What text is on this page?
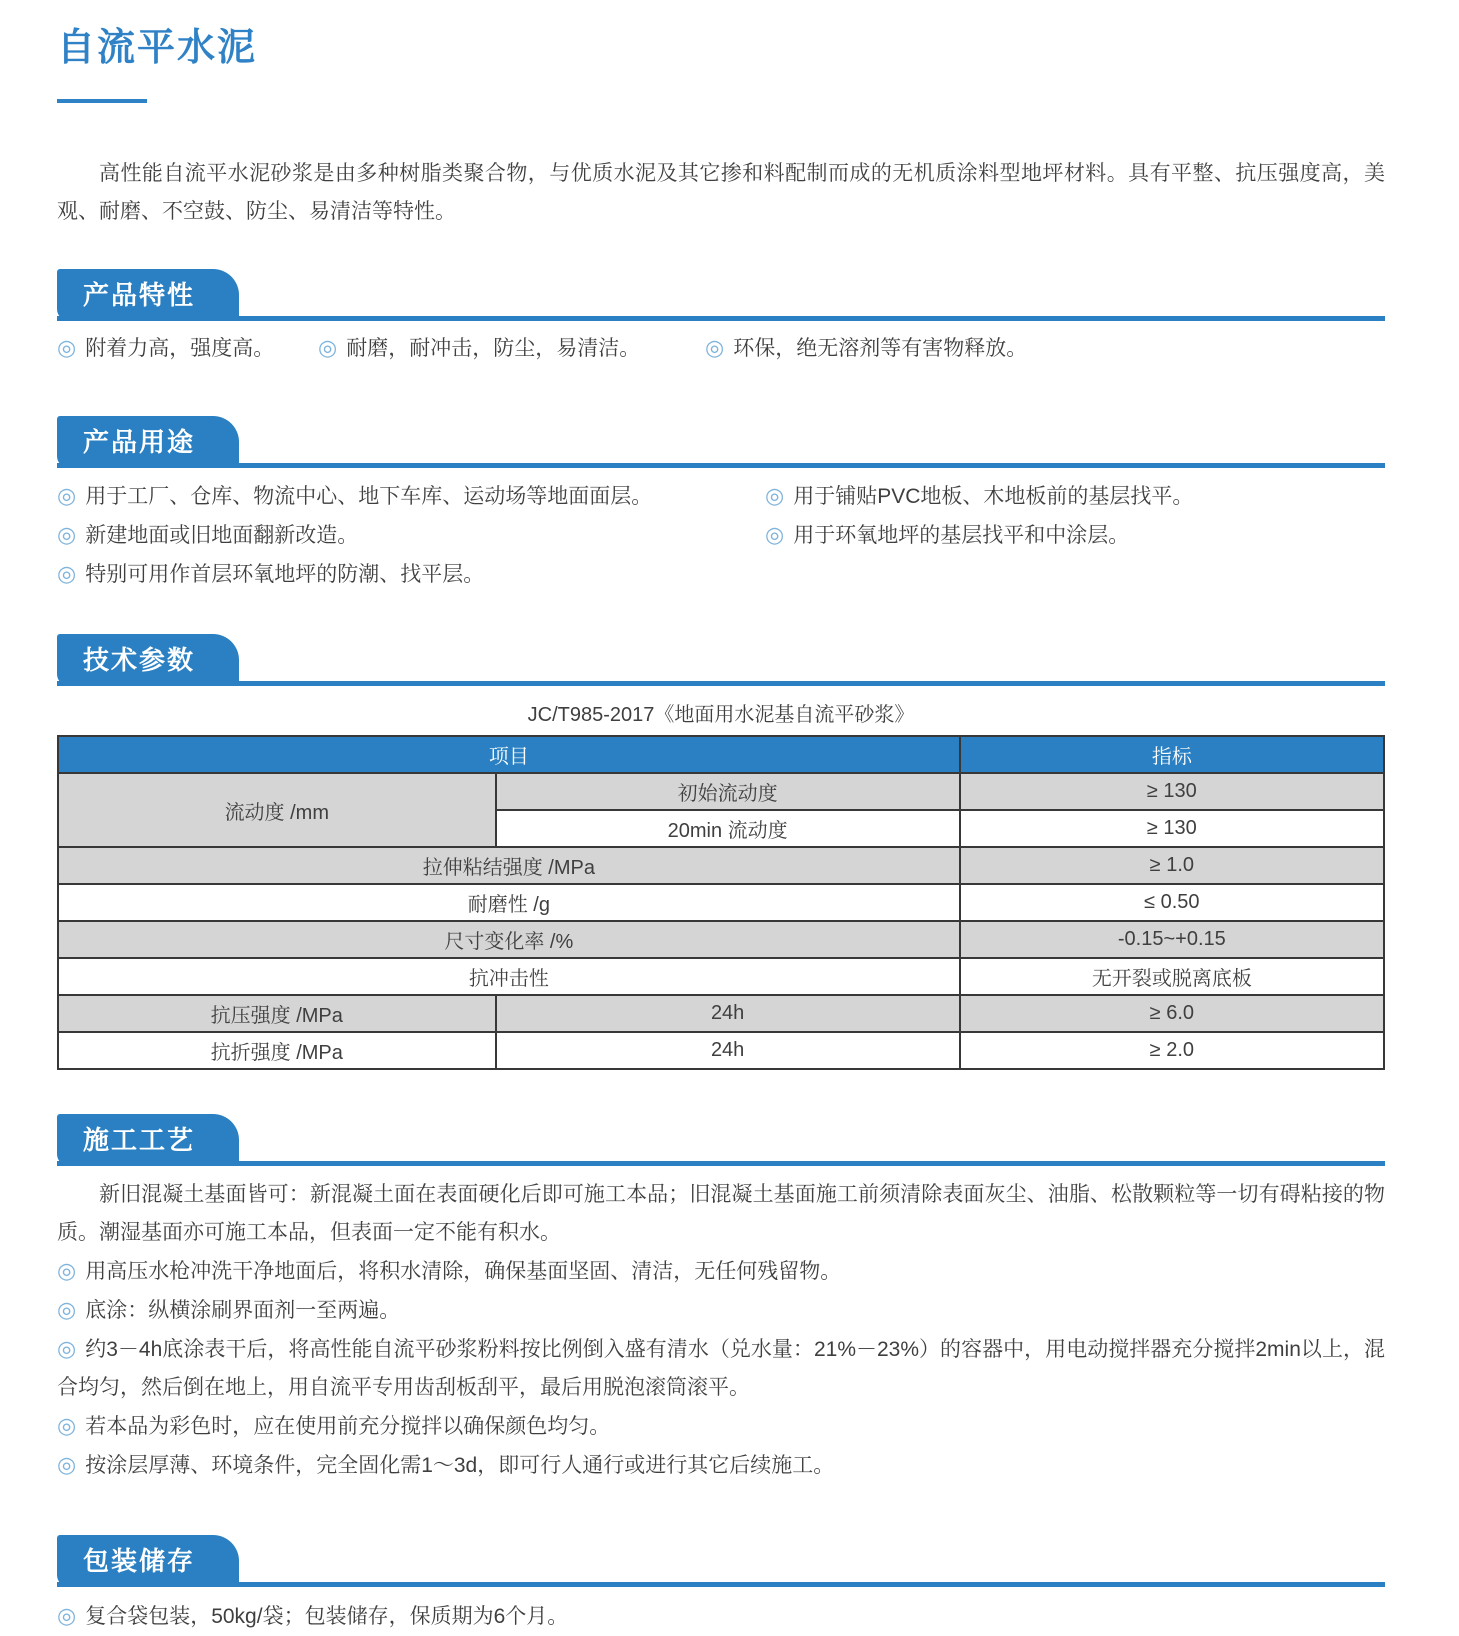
自流平水泥

高性能自流平水泥砂浆是由多种树脂类聚合物，与优质水泥及其它掺和料配制而成的无机质涂料型地坪材料。具有平整、抗压强度高，美观、耐磨、不空鼓、防尘、易清洁等特性。

产品特性
◎ 附着力高，强度高。	◎ 耐磨，耐冲击，防尘，易清洁。	◎ 环保，绝无溶剂等有害物释放。
产品用途
◎ 用于工厂、仓库、物流中心、地下车库、运动场等地面面层。
◎ 新建地面或旧地面翻新改造。
◎ 特别可用作首层环氧地坪的防潮、找平层。
◎ 用于铺贴PVC地板、木地板前的基层找平。
◎ 用于环氧地坪的基层找平和中涂层。
技术参数

JC/T985-2017《地面用水泥基自流平砂浆》

项目		指标
流动度 /mm	初始流动度	≥ 130
	20min 流动度	≥ 130
拉伸粘结强度 /MPa		≥ 1.0
耐磨性 /g		≤ 0.50
尺寸变化率 /%		-0.15~+0.15
抗冲击性		无开裂或脱离底板
抗压强度 /MPa	24h	≥ 6.0
抗折强度 /MPa	24h	≥ 2.0
施工工艺

新旧混凝土基面皆可：新混凝土面在表面硬化后即可施工本品；旧混凝土基面施工前须清除表面灰尘、油脂、松散颗粒等一切有碍粘接的物质。潮湿基面亦可施工本品，但表面一定不能有积水。

◎ 用高压水枪冲洗干净地面后，将积水清除，确保基面坚固、清洁，无任何残留物。

◎ 底涂：纵横涂刷界面剂一至两遍。

◎ 约3－4h底涂表干后，将高性能自流平砂浆粉料按比例倒入盛有清水（兑水量：21%－23%）的容器中，用电动搅拌器充分搅拌2min以上，混合均匀，然后倒在地上，用自流平专用齿刮板刮平，最后用脱泡滚筒滚平。

◎ 若本品为彩色时，应在使用前充分搅拌以确保颜色均匀。

◎ 按涂层厚薄、环境条件，完全固化需1～3d，即可行人通行或进行其它后续施工。

包装储存

◎ 复合袋包装，50kg/袋；包装储存，保质期为6个月。
